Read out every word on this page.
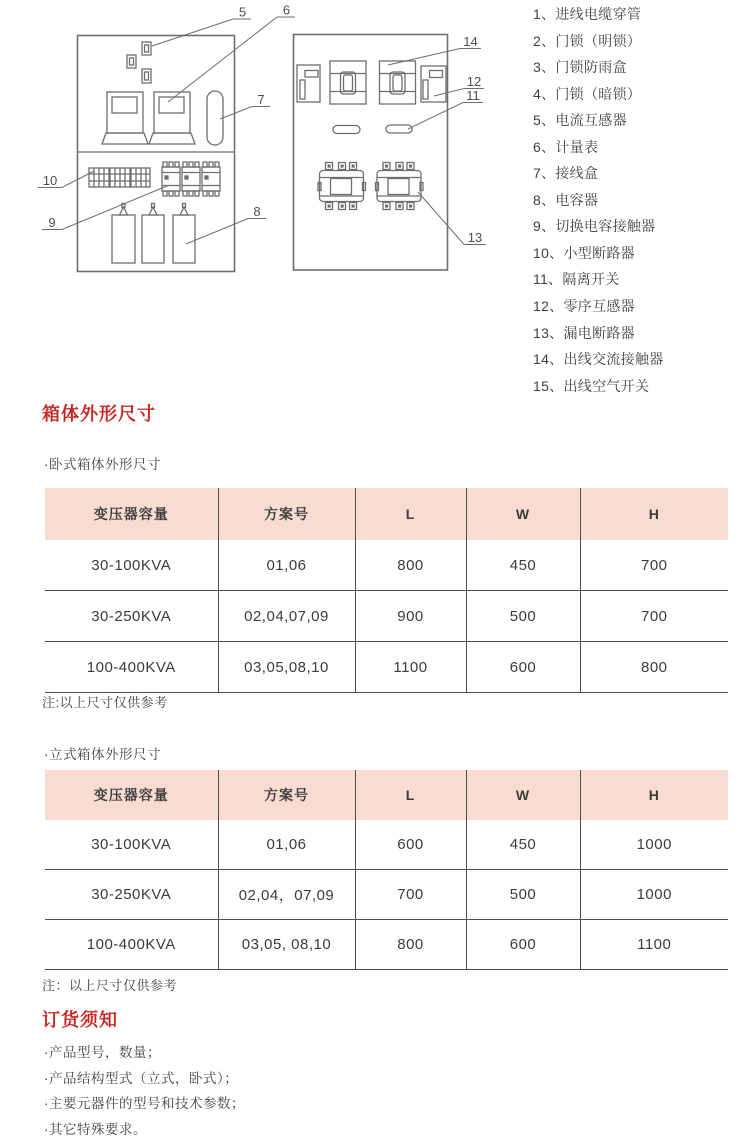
5	6
7
10
9
8
14
12
11
13
1、进线电缆穿管
2、门锁（明锁）
3、门锁防雨盒
4、门锁（暗锁）
5、电流互感器
6、计量表
7、接线盒
8、电容器
9、切换电容接触器
10、小型断路器
11、隔离开关
12、零序互感器
13、漏电断路器
14、出线交流接触器
15、出线空气开关
箱体外形尺寸
·卧式箱体外形尺寸
变压器容量	方案号	L	W	H
30-100KVA	01,06	800	450	700
30-250KVA	02,04,07,09	900	500	700
100-400KVA	03,05,08,10	1100	600	800
注:以上尺寸仅供参考
·立式箱体外形尺寸
变压器容量	方案号	L	W	H
30-100KVA	01,06	600	450	1000
30-250KVA	02,04，07,09	700	500	1000
100-400KVA	03,05, 08,10	800	600	1100
注：以上尺寸仅供参考
订货须知
·产品型号，数量；
·产品结构型式（立式，卧式）；
·主要元器件的型号和技术参数；
·其它特殊要求。
